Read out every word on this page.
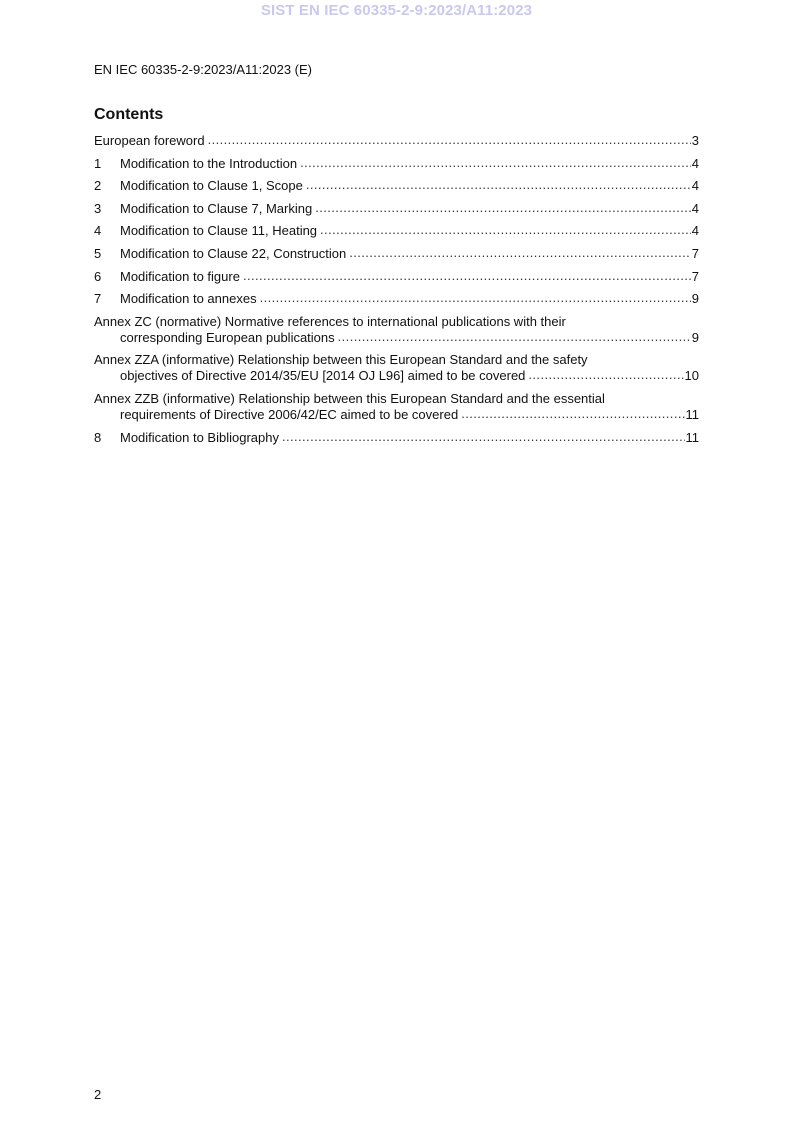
SIST EN IEC 60335-2-9:2023/A11:2023
EN IEC 60335-2-9:2023/A11:2023 (E)
Contents
European foreword .....	3
1	Modification to the Introduction .....	4
2	Modification to Clause 1, Scope .....	4
3	Modification to Clause 7, Marking .....	4
4	Modification to Clause 11, Heating .....	4
5	Modification to Clause 22, Construction .....	7
6	Modification to figure .....	7
7	Modification to annexes .....	9
Annex ZC (normative) Normative references to international publications with their
corresponding European publications .....	9
Annex ZZA (informative) Relationship between this European Standard and the safety
objectives of Directive 2014/35/EU [2014 OJ L96] aimed to be covered .....	10
Annex ZZB (informative) Relationship between this European Standard and the essential
requirements of Directive 2006/42/EC aimed to be covered .....	11
8	Modification to Bibliography .....	11
2
